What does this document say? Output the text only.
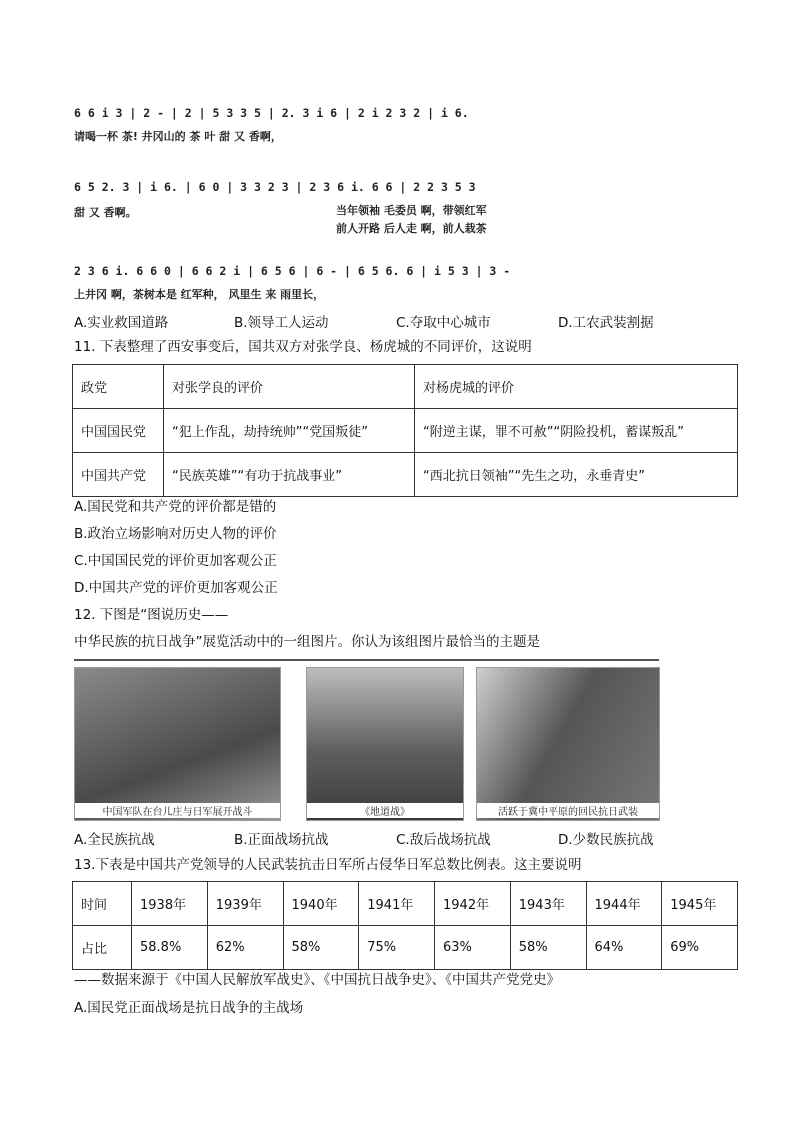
6 6 i 3 | 2 - | 2 | 5 3 3 5 | 2. 3 i 6 | 2 i 2 3 2 | i 6.
请喝一杯 茶! 井冈山的 茶 叶 甜 又 香啊，
6 5 2. 3 | i 6. | 6 0 | 3 3 2 3 | 2 3 6 i. 6 6 | 2 2 3 5 3
甜 又 香啊。	当年领袖 毛委员 啊，带领红军
前人开路 后人走 啊，前人栽茶
2 3 6 i. 6 6 0 | 6 6 2 i | 6 5 6 | 6 - | 6 5 6. 6 | i 5 3 | 3 -
上井冈 啊，茶树本是 红军种， 风里生 来 雨里长，
A.实业救国道路	B.领导工人运动	C.夺取中心城市	D.工农武装割据
11. 下表整理了西安事变后，国共双方对张学良、杨虎城的不同评价，这说明
政党	对张学良的评价	对杨虎城的评价
中国国民党	“犯上作乱，劫持统帅”“党国叛徒”	“附逆主谋，罪不可赦”“阴险投机，蓄谋叛乱”
中国共产党	“民族英雄”“有功于抗战事业”	“西北抗日领袖”“先生之功，永垂青史”
A.国民党和共产党的评价都是错的
B.政治立场影响对历史人物的评价
C.中国国民党的评价更加客观公正
D.中国共产党的评价更加客观公正
12. 下图是“图说历史——
中华民族的抗日战争”展览活动中的一组图片。你认为该组图片最恰当的主题是
中国军队在台儿庄与日军展开战斗	《地道战》	活跃于冀中平原的回民抗日武装
A.全民族抗战	B.正面战场抗战	C.敌后战场抗战	D.少数民族抗战
13.下表是中国共产党领导的人民武装抗击日军所占侵华日军总数比例表。这主要说明
时间	1938年	1939年	1940年	1941年	1942年	1943年	1944年	1945年
占比	58.8%	62%	58%	75%	63%	58%	64%	69%
——数据来源于《中国人民解放军战史》、《中国抗日战争史》、《中国共产党党史》
A.国民党正面战场是抗日战争的主战场
